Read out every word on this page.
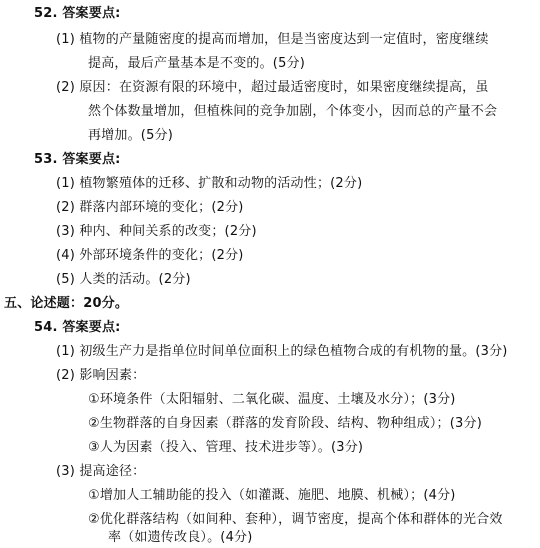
52. 答案要点:
(1) 植物的产量随密度的提高而增加，但是当密度达到一定值时，密度继续
提高，最后产量基本是不变的。(5分)
(2) 原因：在资源有限的环境中，超过最适密度时，如果密度继续提高，虽
然个体数量增加，但植株间的竞争加剧，个体变小，因而总的产量不会
再增加。(5分)
53. 答案要点:
(1) 植物繁殖体的迁移、扩散和动物的活动性；(2分)
(2) 群落内部环境的变化；(2分)
(3) 种内、种间关系的改变；(2分)
(4) 外部环境条件的变化；(2分)
(5) 人类的活动。(2分)
五、论述题：20分。
54. 答案要点:
(1) 初级生产力是指单位时间单位面积上的绿色植物合成的有机物的量。(3分)
(2) 影响因素：
①环境条件（太阳辐射、二氧化碳、温度、土壤及水分）；(3分)
②生物群落的自身因素（群落的发育阶段、结构、物种组成）；(3分)
③人为因素（投入、管理、技术进步等）。(3分)
(3) 提高途径：
①增加人工辅助能的投入（如灌溉、施肥、地膜、机械）；(4分)
②优化群落结构（如间种、套种），调节密度，提高个体和群体的光合效
率（如遗传改良）。(4分)
